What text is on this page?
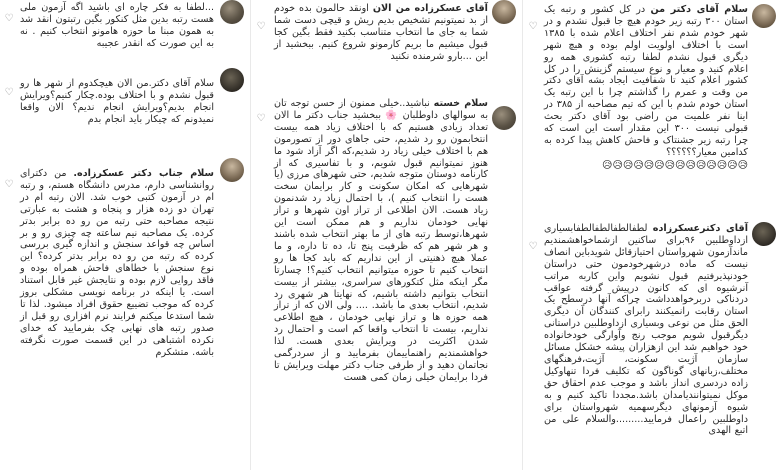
♡

...لطفا به فکر چاره ای باشید اگه آزمون ملی هست رتبه بدین مثل کنکور بگین رتبتون انقد شد به همون مبنا ما حوزه هامونو انتخاب کنیم . نه به این صورت که انقدر عجیبه

♡

سلام آقای دکتر.من الان هیچکدوم از شهر ها رو قبول نشدم و با اختلاف بوده.چکار کنیم؟ویرایش انجام بدیم؟ویرایش انجام ندیم؟ الان واقعا نمیدونم که چیکار باید انجام بدم

♡

سلام جناب دکتر عسکرزاده. من دکترای روانشناسی دارم، مدرس دانشگاه هستم، و رتبه ام در آزمون کتبی خوب شد. الان رتبه ام در تهران دو زده هزار و پنجاه و هشت به عبارتی نتیجه مصاحبه حتی رتبه من رو ده برابر بدتر کرده. یک مصاحبه نیم ساعته چه چیزی رو و بر اساس چه قواعد سنجش و اندازه گیری بررسی کرده که رتبه من رو ده برابر بدتر کرده؟ این نوع سنجش با خطاهای فاحش همراه بوده و فاقد روایی لازم بوده و نتایجش غیر قابل استناد است. یا اینکه در برنامه نویسی مشکلی بروز کرده که موجب تضییع حقوق افراد میشود. لذا تا شما استدعا میکنم فرایند نرم افزاری رو قبل از صدور رتبه های نهایی چک بفرمایید که خدای نکرده اشتباهی در این قسمت صورت نگرفته باشه. متشکرم

♡

آقای عسکرزاده من الان اونقد حالمون بده خودم از بد نمیتونیم تشخیص بدیم ریش و قیچی دست شما شما به جای ما انتخاب متناسب بکنید فقط بگین کجا قبول میشیم ما بریم کارمونو شروع کنیم. ببخشید از این ...بارو شرمنده نکنید

♡

سلام خسته نباشید..خیلی ممنون از حسن توجه تان به سوالهای داوطلبان 🌸 ببخشید جناب دکتر ما الان تعداد زیادی هستیم که با اختلاف زیاد همه بیست انتخابمون رو رد شدیم، حتی جاهای دور از تصورمون هم با اختلاف خیلی زیاد رد شدیم،که اگر آزاد شود ما هنوز نمیتوانیم قبول شویم، و با تفاسیری که از کارنامه دوستان متوجه شدیم، حتی شهرهای مرزی (یا شهرهایی که امکان سکونت و کار برایمان سخت هست را انتخاب کنیم )، با احتمال زیاد رد شدنمون زیاد هست. الان اطلاعی از تراز اون شهرها و تراز نهایی خودمان نداریم و هم ممکن است این شهرها،توسط رتبه های از ما بهتر انتخاب شده باشند و هر شهر هم که ظرفیت پنج تا، ده تا داره، و ما عملا هیچ ذهنیتی از این نداریم که باید کجا ها رو انتخاب کنیم تا حوزه میتوانیم انتخاب کنیم؟! چسارتا مگر اینکه مثل کتکورهای سراسری، بیشتر از بیست انتخاب بتوانیم داشته باشیم، که نهایتا هر شهری رد شدیم، انتخاب بعدی ما باشد. .... ولی الان که از تراز همه حوزه ها و تراز نهایی خودمان ، هیچ اطلاعی نداریم، بیست تا انتخاب واقعا کم است و احتمال رد شدن اکثریت در ویرایش بعدی هست. لذا خواهشمندیم راهنماییمان بفرمایید و از سردرگمی نجاتمان دهید و از طرفی جناب دکتر مهلت ویرایش تا فردا برایمان خیلی زمان کمی هست

♡

سلام آقای دکتر من در کل کشور و رتبه یک استان ۳۰۰ رتبه زیر خودم هیچ جا قبول نشدم و در شهر خودم شدم نفر اختلاف اعلام شده با ۱۳۸۵ است با اختلاف اولویت اولم بوده و هیچ شهر دیگری قبول نشدم لطفا رتبه کشوری همه رو اعلام کنید و معیار و نوع سیستم گزینش را در کل کشور اعلام کنید تا شفافیت ایجاد بشه آقای دکتر من وقت و عمرم را گذاشتم چرا با این رتبه یک استان خودم شدم با این که تیم مصاحبه از ۳۸۵ در اینا نفر علمیت من راضی بود آقای دکتر بحث قبولی نیست ۳۰۰ این مقدار است این است که چرا رتبه زیر جشنتاک و فاحش کاهش پیدا کرده به کدامین معیار؟؟؟؟؟؟

😥😥😥😥😥😥😥😥😥😥😥😥😥😥
♡

آقای دکترعسکرزاده لطفالطفالطفالطفابسیاری ازداوطلبین ۹۶برای ساکنین ازشماخواهشمندیم ماندآزمون شهرواستان احتیازقائل شویدباین انصاف نیست که ماده درشهرخودمون حتی دراستان خودنپذیرفتیم قبول نشویم واین کاربه مراتب آنرشیوه ای که کانون درپیش گرفته عواقب دردناکی دربرخواهدداشت چراکه آنها درسطح یک استان رقابت رانمیکنند رابرای کنندگان آن دیگری الحق مثل من نوعی وبسیاری ازداوطلبین دراستانی دیگرقبول شویم موجب رنج وآوارگی خودخانواده خود خواهیم شد این ازهزاران پیشه خشکل مسائل سازمان آژیت سکونت، آژیت،فرهنگهای مختلف،زبانهای گوناگون که تکلیف فردا تنهاوکیل زاده دردسری انداز باشد و موجب عدم احقاق حق موکل نمیتوانندیامدان باشد.مجددا تاکید کنیم و به شیوه آزمونهای دیگرسهمیه شهرواستان برای داوطلبین راعمال فرمایید.........والسلام علی من اتبع الهدی
